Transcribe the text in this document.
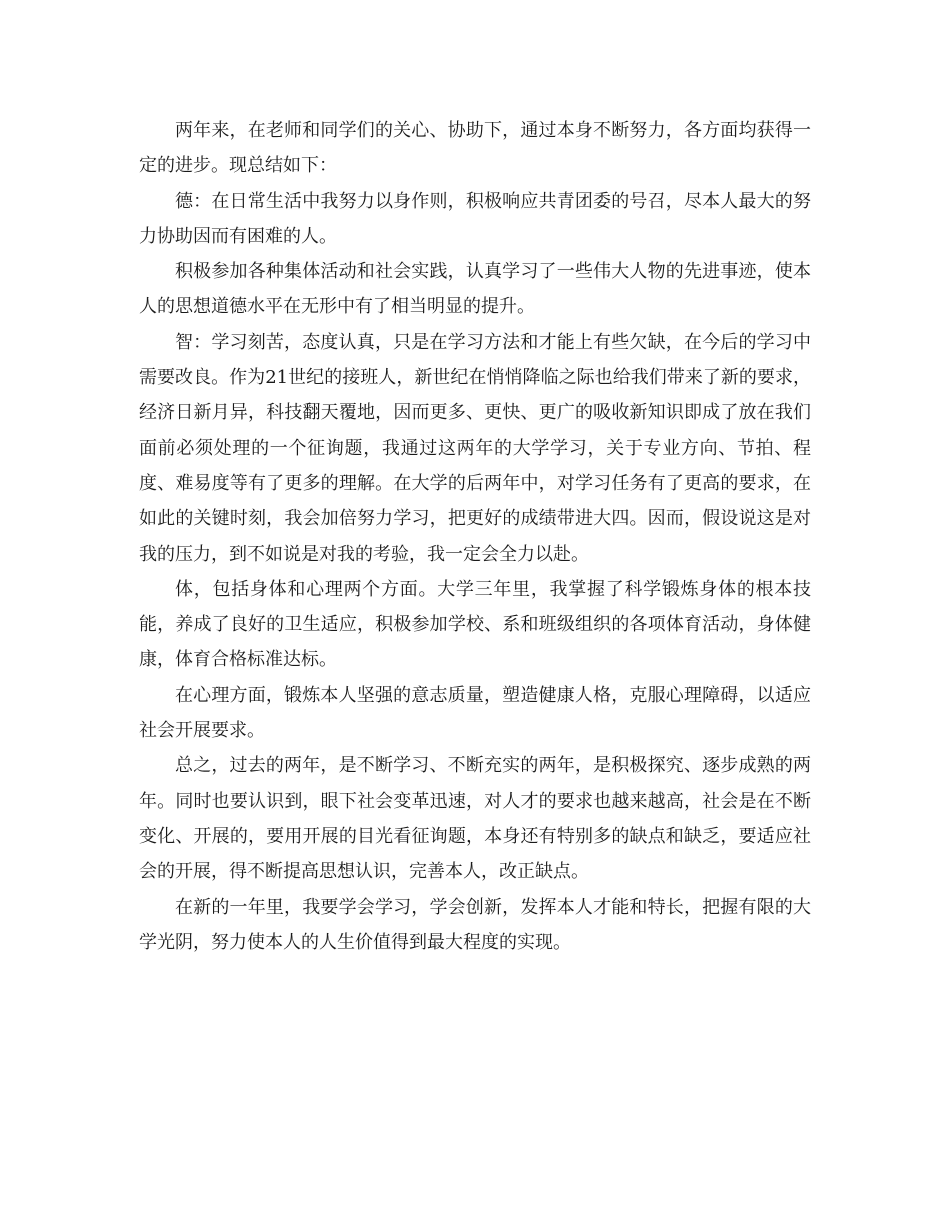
两年来，在老师和同学们的关心、协助下，通过本身不断努力，各方面均获得一定的进步。现总结如下：

德：在日常生活中我努力以身作则，积极响应共青团委的号召，尽本人最大的努力协助因而有困难的人。

积极参加各种集体活动和社会实践，认真学习了一些伟大人物的先进事迹，使本人的思想道德水平在无形中有了相当明显的提升。

智：学习刻苦，态度认真，只是在学习方法和才能上有些欠缺，在今后的学习中需要改良。作为21世纪的接班人，新世纪在悄悄降临之际也给我们带来了新的要求，经济日新月异，科技翻天覆地，因而更多、更快、更广的吸收新知识即成了放在我们面前必须处理的一个征询题，我通过这两年的大学学习，关于专业方向、节拍、程度、难易度等有了更多的理解。在大学的后两年中，对学习任务有了更高的要求，在如此的关键时刻，我会加倍努力学习，把更好的成绩带进大四。因而，假设说这是对我的压力，到不如说是对我的考验，我一定会全力以赴。

体，包括身体和心理两个方面。大学三年里，我掌握了科学锻炼身体的根本技能，养成了良好的卫生适应，积极参加学校、系和班级组织的各项体育活动，身体健康，体育合格标准达标。

在心理方面，锻炼本人坚强的意志质量，塑造健康人格，克服心理障碍，以适应社会开展要求。

总之，过去的两年，是不断学习、不断充实的两年，是积极探究、逐步成熟的两年。同时也要认识到，眼下社会变革迅速，对人才的要求也越来越高，社会是在不断变化、开展的，要用开展的目光看征询题，本身还有特别多的缺点和缺乏，要适应社会的开展，得不断提高思想认识，完善本人，改正缺点。

在新的一年里，我要学会学习，学会创新，发挥本人才能和特长，把握有限的大学光阴，努力使本人的人生价值得到最大程度的实现。
